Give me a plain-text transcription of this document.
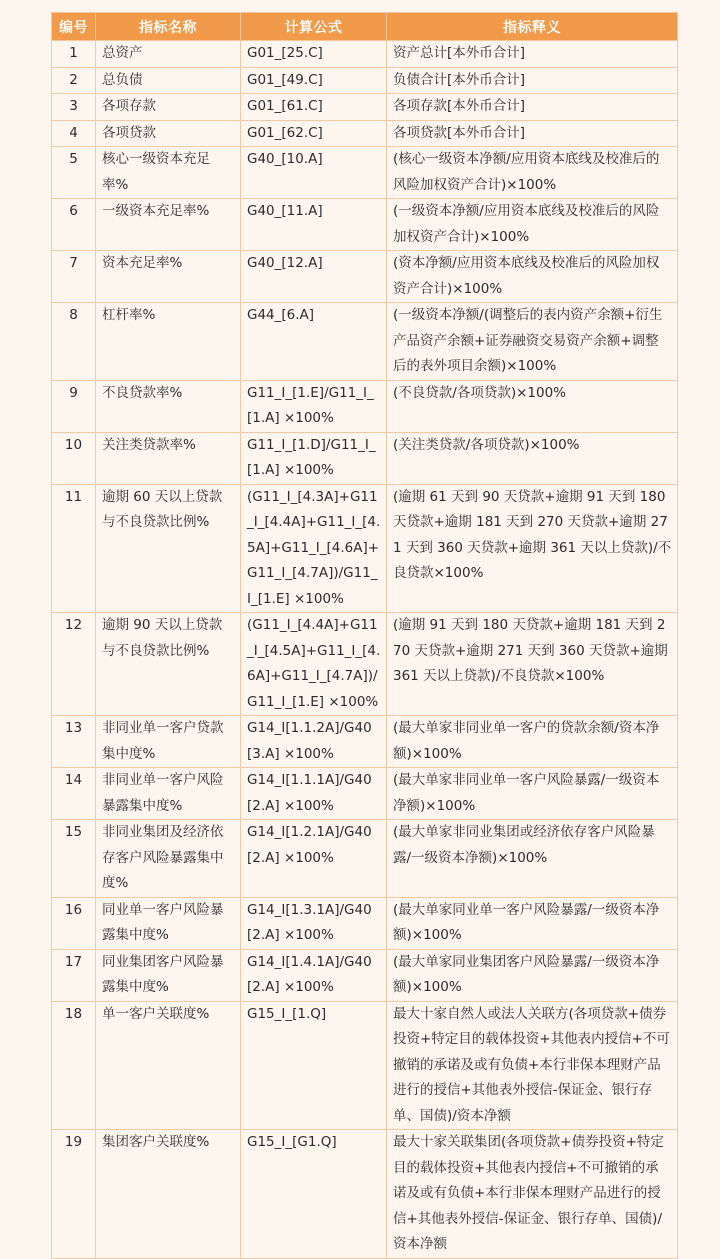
编号	指标名称	计算公式	指标释义
1	总资产	G01_[25.C]	资产总计[本外币合计]
2	总负债	G01_[49.C]	负债合计[本外币合计]
3	各项存款	G01_[61.C]	各项存款[本外币合计]
4	各项贷款	G01_[62.C]	各项贷款[本外币合计]
5	核心一级资本充足率%	G40_[10.A]	(核心一级资本净额/应用资本底线及校准后的风险加权资产合计)×100%
6	一级资本充足率%	G40_[11.A]	(一级资本净额/应用资本底线及校准后的风险加权资产合计)×100%
7	资本充足率%	G40_[12.A]	(资本净额/应用资本底线及校准后的风险加权资产合计)×100%
8	杠杆率%	G44_[6.A]	(一级资本净额/(调整后的表内资产余额+衍生产品资产余额+证券融资交易资产余额+调整后的表外项目余额)×100%
9	不良贷款率%	G11_I_[1.E]/G11_I_[1.A] ×100%	(不良贷款/各项贷款)×100%
10	关注类贷款率%	G11_I_[1.D]/G11_I_[1.A] ×100%	(关注类贷款/各项贷款)×100%
11	逾期 60 天以上贷款与不良贷款比例%	(G11_I_[4.3A]+G11_I_[4.4A]+G11_I_[4.5A]+G11_I_[4.6A]+G11_I_[4.7A])/G11_I_[1.E] ×100%	(逾期 61 天到 90 天贷款+逾期 91 天到 180 天贷款+逾期 181 天到 270 天贷款+逾期 271 天到 360 天贷款+逾期 361 天以上贷款)/不良贷款×100%
12	逾期 90 天以上贷款与不良贷款比例%	(G11_I_[4.4A]+G11_I_[4.5A]+G11_I_[4.6A]+G11_I_[4.7A])/G11_I_[1.E] ×100%	(逾期 91 天到 180 天贷款+逾期 181 天到 270 天贷款+逾期 271 天到 360 天贷款+逾期 361 天以上贷款)/不良贷款×100%
13	非同业单一客户贷款集中度%	G14_I[1.1.2A]/G40[3.A] ×100%	(最大单家非同业单一客户的贷款余额/资本净额)×100%
14	非同业单一客户风险暴露集中度%	G14_I[1.1.1A]/G40[2.A] ×100%	(最大单家非同业单一客户风险暴露/一级资本净额)×100%
15	非同业集团及经济依存客户风险暴露集中度%	G14_I[1.2.1A]/G40[2.A] ×100%	(最大单家非同业集团或经济依存客户风险暴露/一级资本净额)×100%
16	同业单一客户风险暴露集中度%	G14_I[1.3.1A]/G40[2.A] ×100%	(最大单家同业单一客户风险暴露/一级资本净额)×100%
17	同业集团客户风险暴露集中度%	G14_I[1.4.1A]/G40[2.A] ×100%	(最大单家同业集团客户风险暴露/一级资本净额)×100%
18	单一客户关联度%	G15_I_[1.Q]	最大十家自然人或法人关联方(各项贷款+债券投资+特定目的载体投资+其他表内授信+不可撤销的承诺及或有负债+本行非保本理财产品进行的授信+其他表外授信-保证金、银行存单、国债)/资本净额
19	集团客户关联度%	G15_I_[G1.Q]	最大十家关联集团(各项贷款+债券投资+特定目的载体投资+其他表内授信+不可撤销的承诺及或有负债+本行非保本理财产品进行的授信+其他表外授信-保证金、银行存单、国债)/资本净额
